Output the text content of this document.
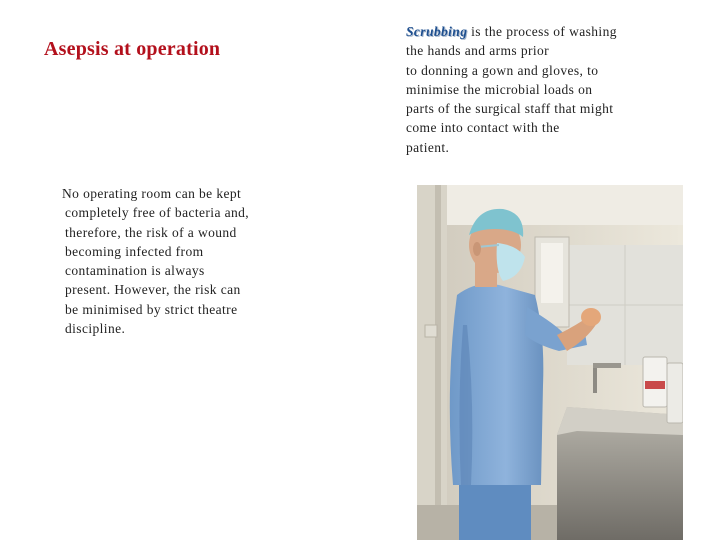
Asepsis at operation
No operating room can be kept
completely free of bacteria and,
therefore, the risk of a wound
becoming infected from
contamination is always
present. However, the risk can
be minimised by strict theatre
discipline.
Scrubbing is the process of washing
the hands and arms prior
to donning a gown and gloves, to
minimise the microbial loads on
parts of the surgical staff that might
come into contact with the
patient.
